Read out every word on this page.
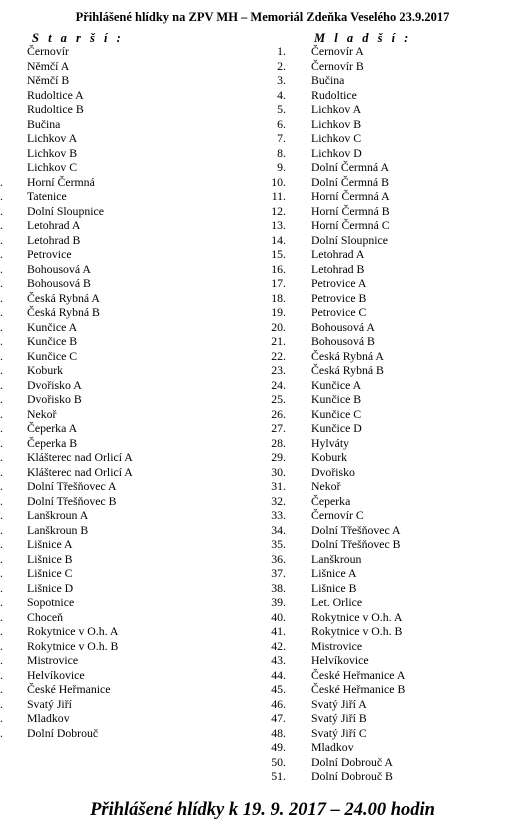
Přihlášené hlídky na ZPV MH – Memoriál Zdeňka Veselého 23.9.2017
S t a r š í :	M l a d š í :
Černovír
Němčí A
Němčí B
Rudoltice A
Rudoltice B
Bučina
Lichkov A
Lichkov B
Lichkov C
.	Horní Čermná
.	Tatenice
.	Dolní Sloupnice
.	Letohrad A
.	Letohrad B
.	Petrovice
.	Bohousová A
.	Bohousová B
.	Česká Rybná A
.	Česká Rybná B
.	Kunčice A
.	Kunčice B
.	Kunčice C
.	Koburk
.	Dvořisko A
.	Dvořisko B
.	Nekoř
.	Čeperka A
.	Čeperka B
.	Klášterec nad Orlicí A
.	Klášterec nad Orlicí A
.	Dolní Třešňovec A
.	Dolní Třešňovec B
.	Lanškroun A
.	Lanškroun B
.	Lišnice A
.	Lišnice B
.	Lišnice C
.	Lišnice D
.	Sopotnice
.	Choceň
.	Rokytnice v O.h. A
.	Rokytnice v O.h. B
.	Mistrovice
.	Helvíkovice
.	České Heřmanice
.	Svatý Jiří
.	Mladkov
.	Dolní Dobrouč
1. Černovír A
2. Černovír B
3. Bučina
4. Rudoltice
5. Lichkov A
6. Lichkov B
7. Lichkov C
8. Lichkov D
9. Dolní Čermná A
10. Dolní Čermná B
11. Horní Čermná A
12. Horní Čermná B
13. Horní Čermná C
14. Dolní Sloupnice
15. Letohrad A
16. Letohrad B
17. Petrovice A
18. Petrovice B
19. Petrovice C
20. Bohousová A
21. Bohousová B
22. Česká Rybná A
23. Česká Rybná B
24. Kunčice A
25. Kunčice B
26. Kunčice C
27. Kunčice D
28. Hylváty
29. Koburk
30. Dvořisko
31. Nekoř
32. Čeperka
33. Černovír C
34. Dolní Třešňovec A
35. Dolní Třešňovec B
36. Lanškroun
37. Lišnice A
38. Lišnice B
39. Let. Orlice
40. Rokytnice v O.h. A
41. Rokytnice v O.h. B
42. Mistrovice
43. Helvíkovice
44. České Heřmanice A
45. České Heřmanice B
46. Svatý Jiří A
47. Svatý Jiří B
48. Svatý Jiří C
49. Mladkov
50. Dolní Dobrouč A
51. Dolní Dobrouč B
Přihlášené hlídky k 19. 9. 2017 – 24.00 hodin
